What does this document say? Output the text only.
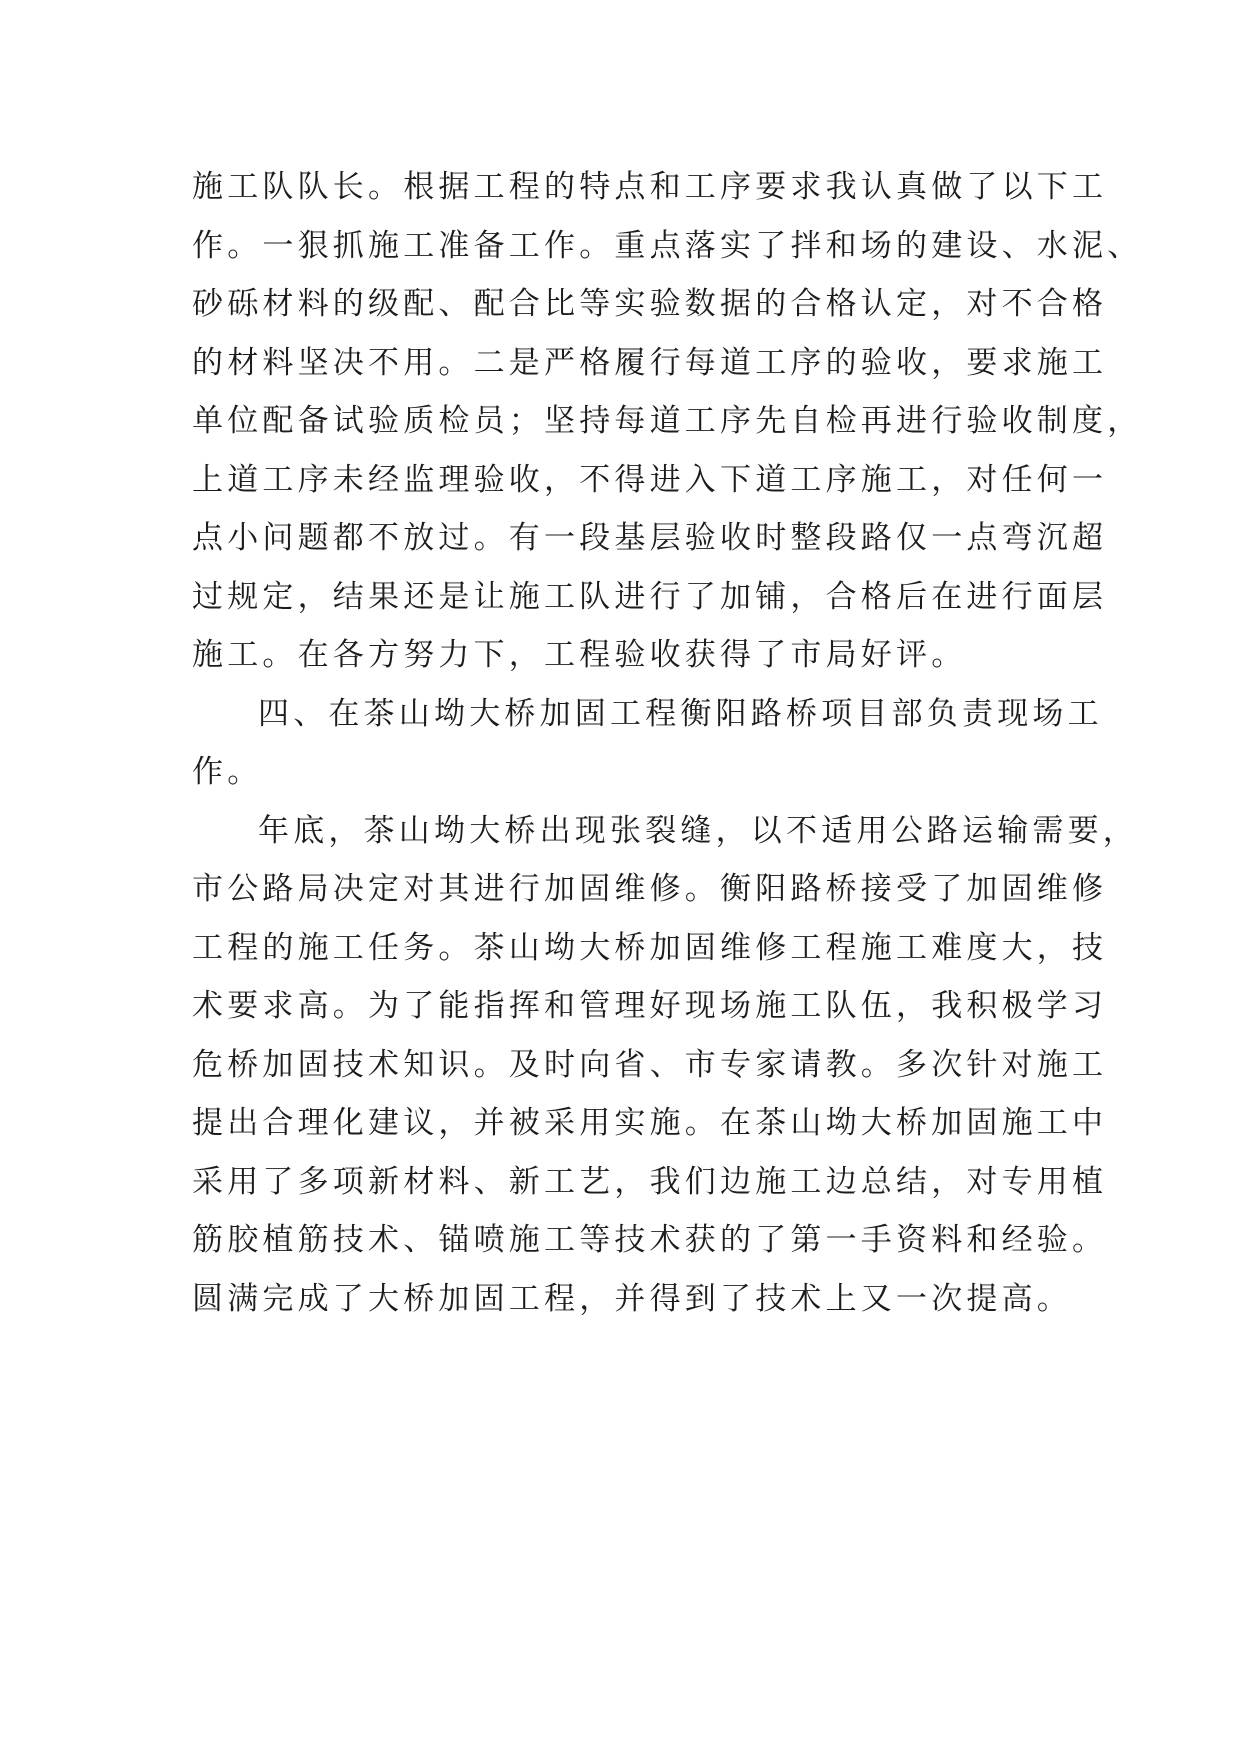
施工队队长。根据工程的特点和工序要求我认真做了以下工
作。一狠抓施工准备工作。重点落实了拌和场的建设、水泥、
砂砾材料的级配、配合比等实验数据的合格认定，对不合格
的材料坚决不用。二是严格履行每道工序的验收，要求施工
单位配备试验质检员；坚持每道工序先自检再进行验收制度，
上道工序未经监理验收，不得进入下道工序施工，对任何一
点小问题都不放过。有一段基层验收时整段路仅一点弯沉超
过规定，结果还是让施工队进行了加铺，合格后在进行面层
施工。在各方努力下，工程验收获得了市局好评。
四、在茶山坳大桥加固工程衡阳路桥项目部负责现场工
作。
年底，茶山坳大桥出现张裂缝，以不适用公路运输需要，
市公路局决定对其进行加固维修。衡阳路桥接受了加固维修
工程的施工任务。茶山坳大桥加固维修工程施工难度大，技
术要求高。为了能指挥和管理好现场施工队伍，我积极学习
危桥加固技术知识。及时向省、市专家请教。多次针对施工
提出合理化建议，并被采用实施。在茶山坳大桥加固施工中
采用了多项新材料、新工艺，我们边施工边总结，对专用植
筋胶植筋技术、锚喷施工等技术获的了第一手资料和经验。
圆满完成了大桥加固工程，并得到了技术上又一次提高。
